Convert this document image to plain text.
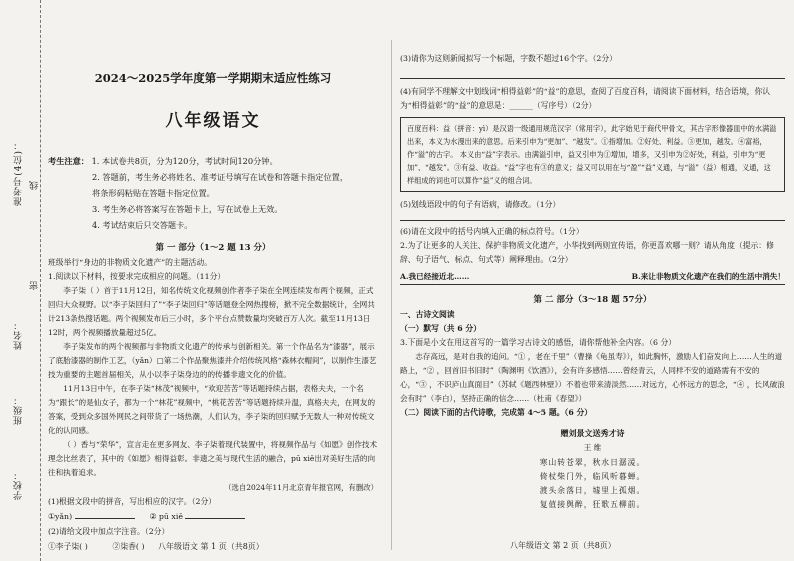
学校：
班级：
姓名：
准考号(4位)：
密
线
2024～2025学年度第一学期期末适应性练习
八年级语文
考生注意： 1. 本试卷共8页，分为120分，考试时间120分钟。
2. 答题前，考生务必将姓名、准考证号填写在试卷和答题卡指定位置，
将条形码粘贴在答题卡指定位置。
3. 考生务必将答案写在答题卡上，写在试卷上无效。
4. 考试结束后只交答题卡。
第 一 部分（1～2 题 13 分）

班级举行“身边的非物质文化遗产”的主题活动。

1.阅读以下材料，按要求完成相应的问题。（11分）

李子柒（ ）首于11月12日，知名传统文化视频创作者李子柒在全网连续发布两个视频，正式回归大众视野。以“李子柒回归了”“李子柒回归”等话题登全网热搜榜，掀不完全数据统计，全网共计213条热搜话题。两个视频发布后三小时，多个平台点赞数量均突破百万人次。截至11月13日12时，两个视频播放量超过5亿。

李子柒发布的两个视频都与非物质文化遗产的传承与创新相关。第一个作品名为“漆器”，展示了底胎漆器的制作工艺，（yǎn）▢第二个作品聚焦漆并介绍传统风格“森林衣帽间”，以制作生漆艺技为重要的主题首届相关，从小以李子柒身边的的传播非遗文化的价值。

11月13日中午，在李子柒“林茂”视频中，“欢迎苦苦”等话题持续占据，表格夫夫，一个名为“跟长”的是仙女子，都为一个“林花”视频中，“桃花苦苦”等话题持续升温，真格夫夫，在网友的答案，受到众多国外网民之间带货了一场热潮，人们认为，李子柒的回归赋予无数人一种对传统文化的认同感。

（ ）香与“荣华”，宣言走在更多网友、李子柒着现代装置中，将视频作品与《如愿》创作技术理念比丝表了，其中的《如愿》相得益彰。非遗之美与现代生活的融合，pū xiě出对美好生活的向往和执着追求。

（选自2024年11月北京青年报官网，有删改）

(1)根据文段中的拼音，写出相应的汉字。（2分）

①yǎn)	② pū xiě

(2)请给文段中加点字注音。（2分）

①李子柒( )	②柒香( )	八年级语文 第 1 页（共8页）

(3)请你为这则新闻拟写一个标题，字数不超过16个字。（2分）

(4)有同学不理解文中划线词“相得益彰”的“益”的意思，查阅了百度百科，请阅读下面材料，结合语境，你认为“相得益彰”的“益”的意思是：______（写序号）（2分）

百度百科：益（拼音：yì）是汉语一级通用规范汉字（常用字），此字始见于商代甲骨文，其古字形像器皿中的水满溢出来，本义为水漫出来的意思。后来引申为“更加”、“越发”。①指增加。②好处、利益。③更加，越发。④富裕，作“溢”的古字。 本义由“益”字表示。由满溢引申，益又引申为①增加，增多，又引申为②好处，利益，引申为“更加”、“越发”。③有益、收益。“益”字也有③的意义；益又可以用在与“盈”“益”义通，与“溢”（益）相通，义通，这样组成的词也可以算作“益”义的组合词。

(5)划线语段中的句子有语病，请修改。（1分）

(6)请在文段中的括号内填入正确的标点符号。（1分）

2.为了让更多的人关注、保护非物质文化遗产，小华找到两则宣传语，你更喜欢哪一则？请从角度（提示：修辞、句子语气、标点、句式等）阐释理由。（2分）

A.我已经接近北……	B.来让非物质文化遗产在我们的生活中消失！
第 二 部分（3～18 题 57分）

一、古诗文阅读

（一）默写（共 6 分）

3.下面是小文在用这首写的一篇学习古诗文的感悟，请你帮他补全内容。（6 分）

志存高远，是对自我的追问。“① ，老在千里”（曹操《龟虽寿》），如此胸怀，激励人们奋发向上……人生的道路上，“② ，回首旧书旧时”（陶渊明《饮酒》），会有许多感悟……曾经青云，人同样不安的道路需有不安的心，“③ ，不识庐山真面目”（苏轼《题西林壁》）不着也带来清淡然……对远方，心怀远方的思念，“④ ，长风破浪会有时”（李白），坚持正确的信念……（杜甫《春望》）

（二）阅读下面的古代诗歌，完成第 4～5 题。（6 分）

赠刘景文送秀才诗
王 维
寒山转苍翠，秋水日潺湲。
倚杖柴门外，临风听暮蝉。
渡头余落日，墟里上孤烟。
复值接舆醉，狂歌五柳前。
八年级语文 第 2 页（共8页）
